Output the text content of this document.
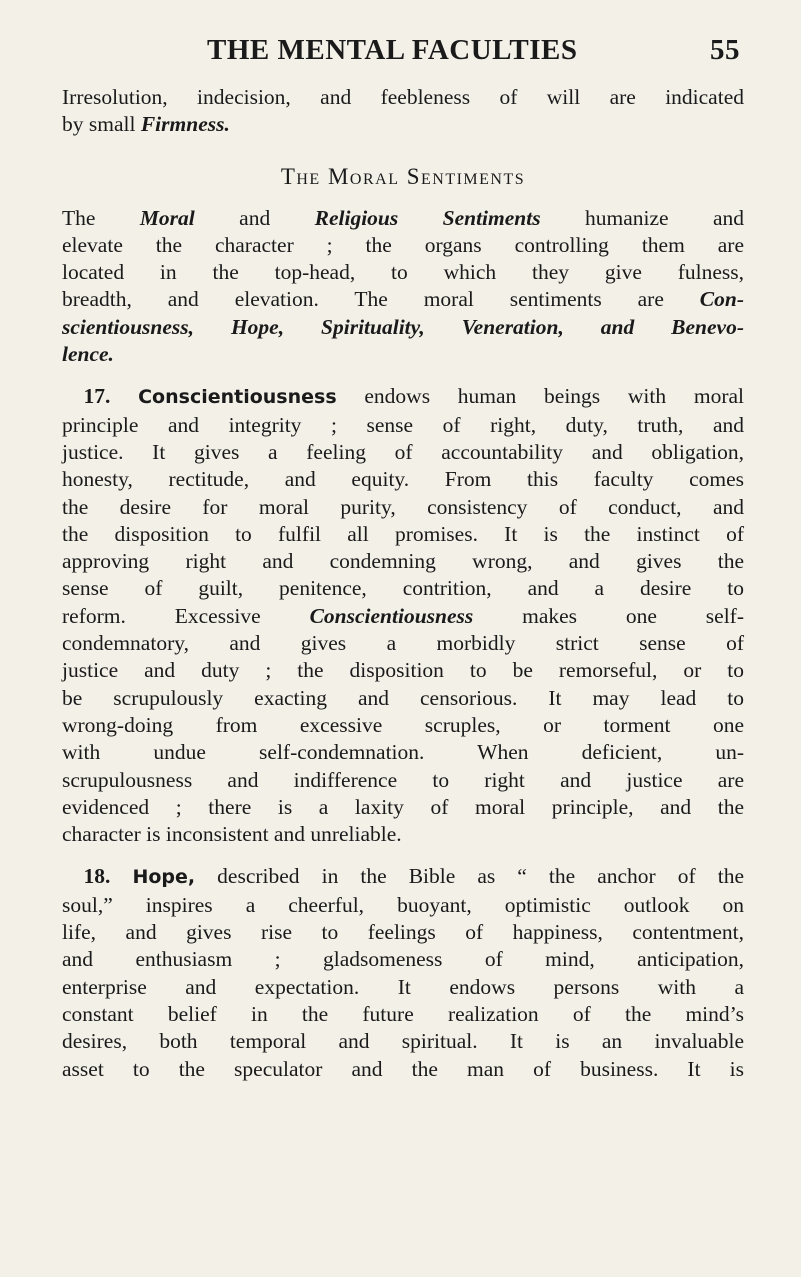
THE MENTAL FACULTIES	55

Irresolution, indecision, and feebleness of will are indicated
by small Firmness.

The Moral Sentiments

The Moral and Religious Sentiments humanize and
elevate the character ; the organs controlling them are
located in the top-head, to which they give fulness,
breadth, and elevation. The moral sentiments are Con-
scientiousness, Hope, Spirituality, Veneration, and Benevo-
lence.

 17. Conscientiousness endows human beings with moral
principle and integrity ; sense of right, duty, truth, and
justice. It gives a feeling of accountability and obligation,
honesty, rectitude, and equity. From this faculty comes
the desire for moral purity, consistency of conduct, and
the disposition to fulfil all promises. It is the instinct of
approving right and condemning wrong, and gives the
sense of guilt, penitence, contrition, and a desire to
reform. Excessive Conscientiousness makes one self-
condemnatory, and gives a morbidly strict sense of
justice and duty ; the disposition to be remorseful, or to
be scrupulously exacting and censorious. It may lead to
wrong-doing from excessive scruples, or torment one
with undue self-condemnation. When deficient, un-
scrupulousness and indifference to right and justice are
evidenced ; there is a laxity of moral principle, and the
character is inconsistent and unreliable.

 18. Hope, described in the Bible as “ the anchor of the
soul,” inspires a cheerful, buoyant, optimistic outlook on
life, and gives rise to feelings of happiness, contentment,
and enthusiasm ; gladsomeness of mind, anticipation,
enterprise and expectation. It endows persons with a
constant belief in the future realization of the mind’s
desires, both temporal and spiritual. It is an invaluable
asset to the speculator and the man of business. It is
